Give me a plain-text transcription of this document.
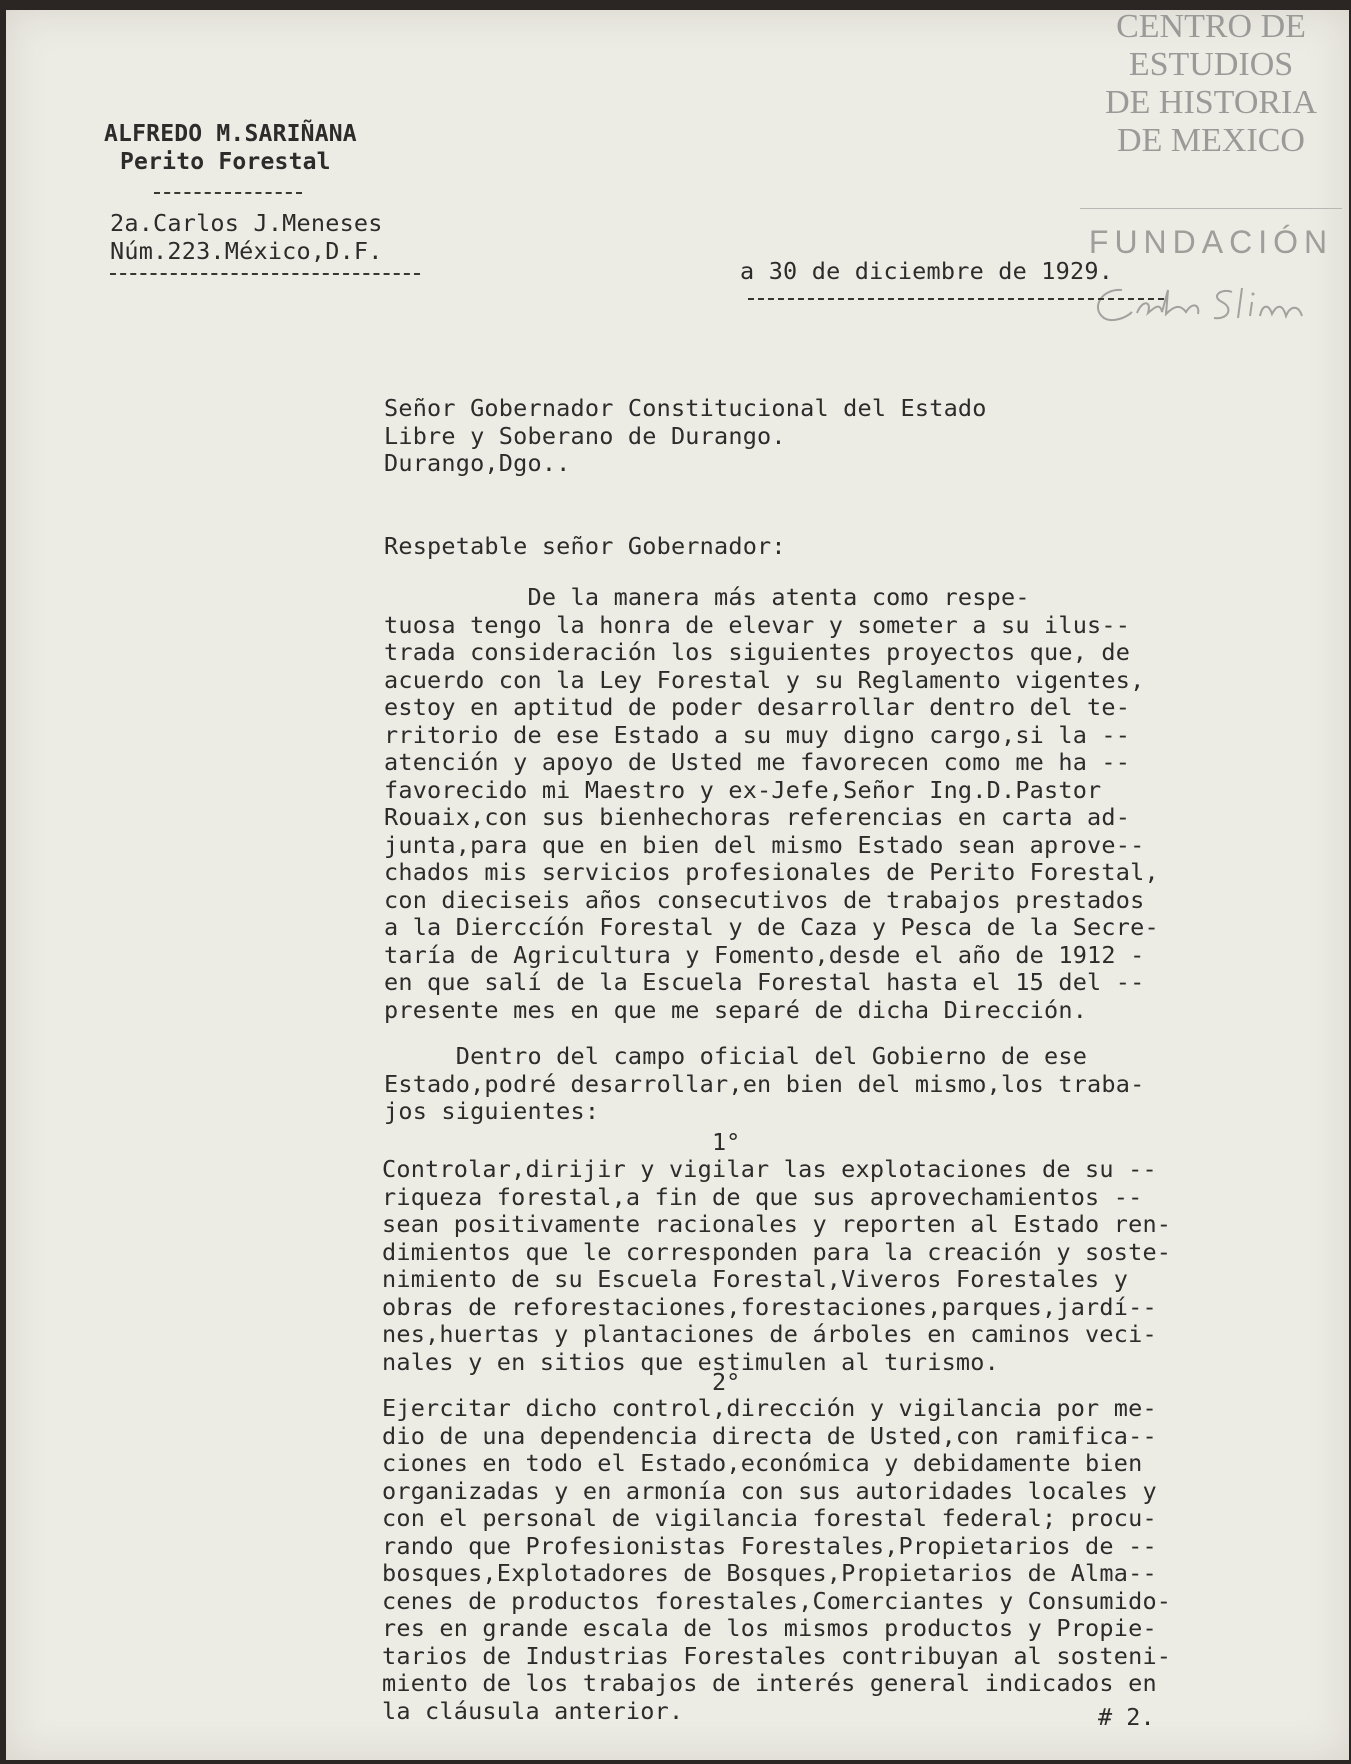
CENTRO DE
ESTUDIOS
DE HISTORIA
DE MEXICO
FUNDACIÓN
ALFREDO M.SARIÑANA
Perito Forestal
2a.Carlos J.Meneses
Núm.223.México,D.F.
a 30 de diciembre de 1929.
Señor Gobernador Constitucional del Estado
Libre y Soberano de Durango.
Durango,Dgo..
Respetable señor Gobernador:
De la manera más atenta como respe-
tuosa tengo la honra de elevar y someter a su ilus--
trada consideración los siguientes proyectos que, de
acuerdo con la Ley Forestal y su Reglamento vigentes,
estoy en aptitud de poder desarrollar dentro del te-
rritorio de ese Estado a su muy digno cargo,si la --
atención y apoyo de Usted me favorecen como me ha --
favorecido mi Maestro y ex-Jefe,Señor Ing.D.Pastor
Rouaix,con sus bienhechoras referencias en carta ad-
junta,para que en bien del mismo Estado sean aprove--
chados mis servicios profesionales de Perito Forestal,
con dieciseis años consecutivos de trabajos prestados
a la Dierccíón Forestal y de Caza y Pesca de la Secre-
taría de Agricultura y Fomento,desde el año de 1912 -
en que salí de la Escuela Forestal hasta el 15 del --
presente mes en que me separé de dicha Dirección.
Dentro del campo oficial del Gobierno de ese
Estado,podré desarrollar,en bien del mismo,los traba-
jos siguientes:
1°
Controlar,dirijir y vigilar las explotaciones de su --
riqueza forestal,a fin de que sus aprovechamientos --
sean positivamente racionales y reporten al Estado ren-
dimientos que le corresponden para la creación y soste-
nimiento de su Escuela Forestal,Viveros Forestales y
obras de reforestaciones,forestaciones,parques,jardí--
nes,huertas y plantaciones de árboles en caminos veci-
nales y en sitios que estimulen al turismo.
2°
Ejercitar dicho control,dirección y vigilancia por me-
dio de una dependencia directa de Usted,con ramifica--
ciones en todo el Estado,económica y debidamente bien
organizadas y en armonía con sus autoridades locales y
con el personal de vigilancia forestal federal; procu-
rando que Profesionistas Forestales,Propietarios de --
bosques,Explotadores de Bosques,Propietarios de Alma--
cenes de productos forestales,Comerciantes y Consumido-
res en grande escala de los mismos productos y Propie-
tarios de Industrias Forestales contribuyan al sosteni-
miento de los trabajos de interés general indicados en
la cláusula anterior.	# 2.
